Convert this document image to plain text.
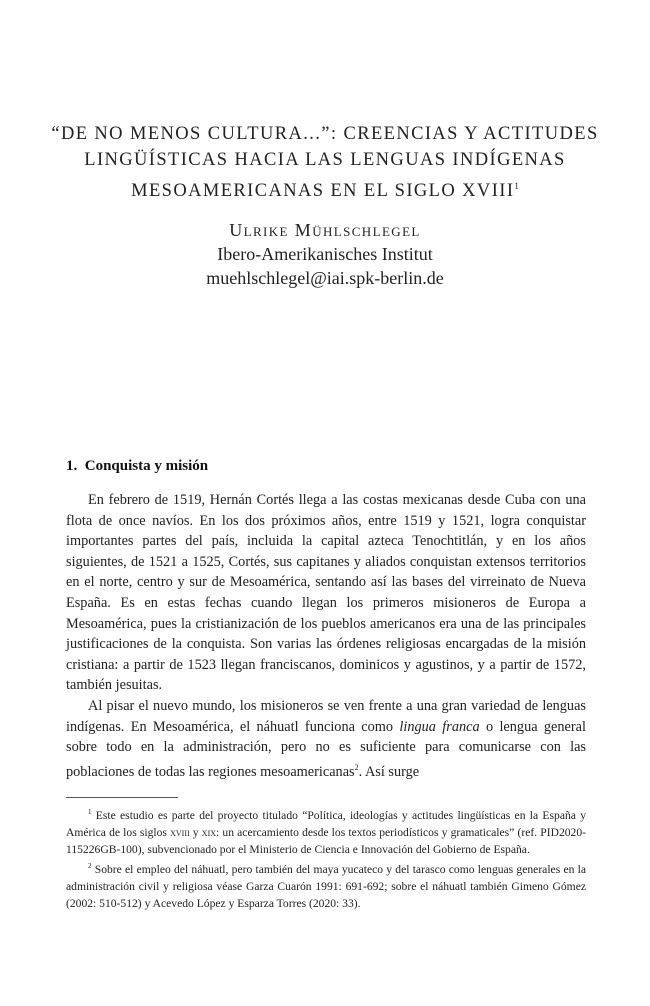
“DE NO MENOS CULTURA...”: CREENCIAS Y ACTITUDES LINGÜÍSTICAS HACIA LAS LENGUAS INDÍGENAS MESOAMERICANAS EN EL SIGLO XVIII$^1$
Ulrike Mühlschlegel
Ibero-Amerikanisches Institut
muehlschlegel@iai.spk-berlin.de
1. Conquista y misión

En febrero de 1519, Hernán Cortés llega a las costas mexicanas desde Cuba con una flota de once navíos. En los dos próximos años, entre 1519 y 1521, logra conquistar importantes partes del país, incluida la capital azteca Tenochtitlán, y en los años siguientes, de 1521 a 1525, Cortés, sus capitanes y aliados conquistan extensos territorios en el norte, centro y sur de Mesoamérica, sentando así las bases del virreinato de Nueva España. Es en estas fechas cuando llegan los primeros misioneros de Europa a Mesoamérica, pues la cristianización de los pueblos americanos era una de las principales justificaciones de la conquista. Son varias las órdenes religiosas encargadas de la misión cristiana: a partir de 1523 llegan franciscanos, dominicos y agustinos, y a partir de 1572, también jesuitas.

Al pisar el nuevo mundo, los misioneros se ven frente a una gran variedad de lenguas indígenas. En Mesoamérica, el náhuatl funciona como lingua franca o lengua general sobre todo en la administración, pero no es suficiente para comunicarse con las poblaciones de todas las regiones mesoamericanas$^2$. Así surge

$^1$ Este estudio es parte del proyecto titulado “Política, ideologías y actitudes lingüísticas en la España y América de los siglos xviii y xix: un acercamiento desde los textos periodísticos y gramaticales” (ref. PID2020-115226GB-100), subvencionado por el Ministerio de Ciencia e Innovación del Gobierno de España.

$^2$ Sobre el empleo del náhuatl, pero también del maya yucateco y del tarasco como lenguas generales en la administración civil y religiosa véase Garza Cuarón 1991: 691-692; sobre el náhuatl también Gimeno Gómez (2002: 510-512) y Acevedo López y Esparza Torres (2020: 33).
